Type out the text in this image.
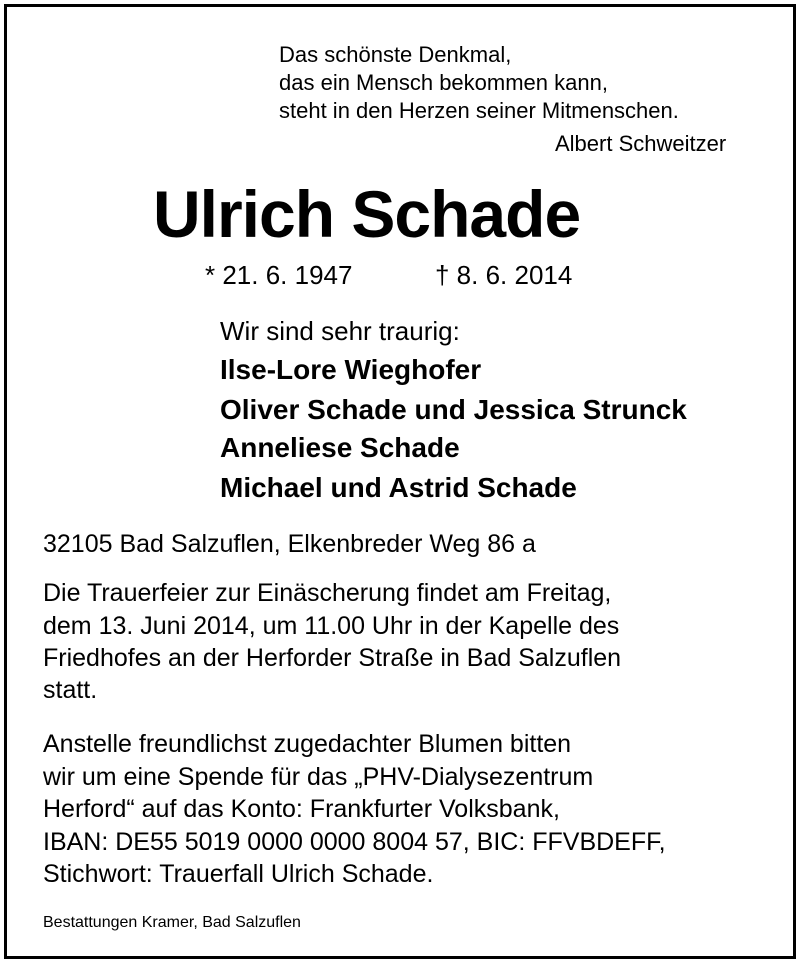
Das schönste Denkmal,

das ein Mensch bekommen kann,

steht in den Herzen seiner Mitmenschen.

Albert Schweitzer

Ulrich Schade

* 21. 6. 1947	† 8. 6. 2014

Wir sind sehr traurig:

Ilse-Lore Wieghofer

Oliver Schade und Jessica Strunck

Anneliese Schade

Michael und Astrid Schade

32105 Bad Salzuflen, Elkenbreder Weg 86 a

Die Trauerfeier zur Einäscherung findet am Freitag,

dem 13. Juni 2014, um 11.00 Uhr in der Kapelle des

Friedhofes an der Herforder Straße in Bad Salzuflen

statt.

Anstelle freundlichst zugedachter Blumen bitten

wir um eine Spende für das „PHV-Dialysezentrum

Herford“ auf das Konto: Frankfurter Volksbank,

IBAN: DE55 5019 0000 0000 8004 57, BIC: FFVBDEFF,

Stichwort: Trauerfall Ulrich Schade.

Bestattungen Kramer, Bad Salzuflen
